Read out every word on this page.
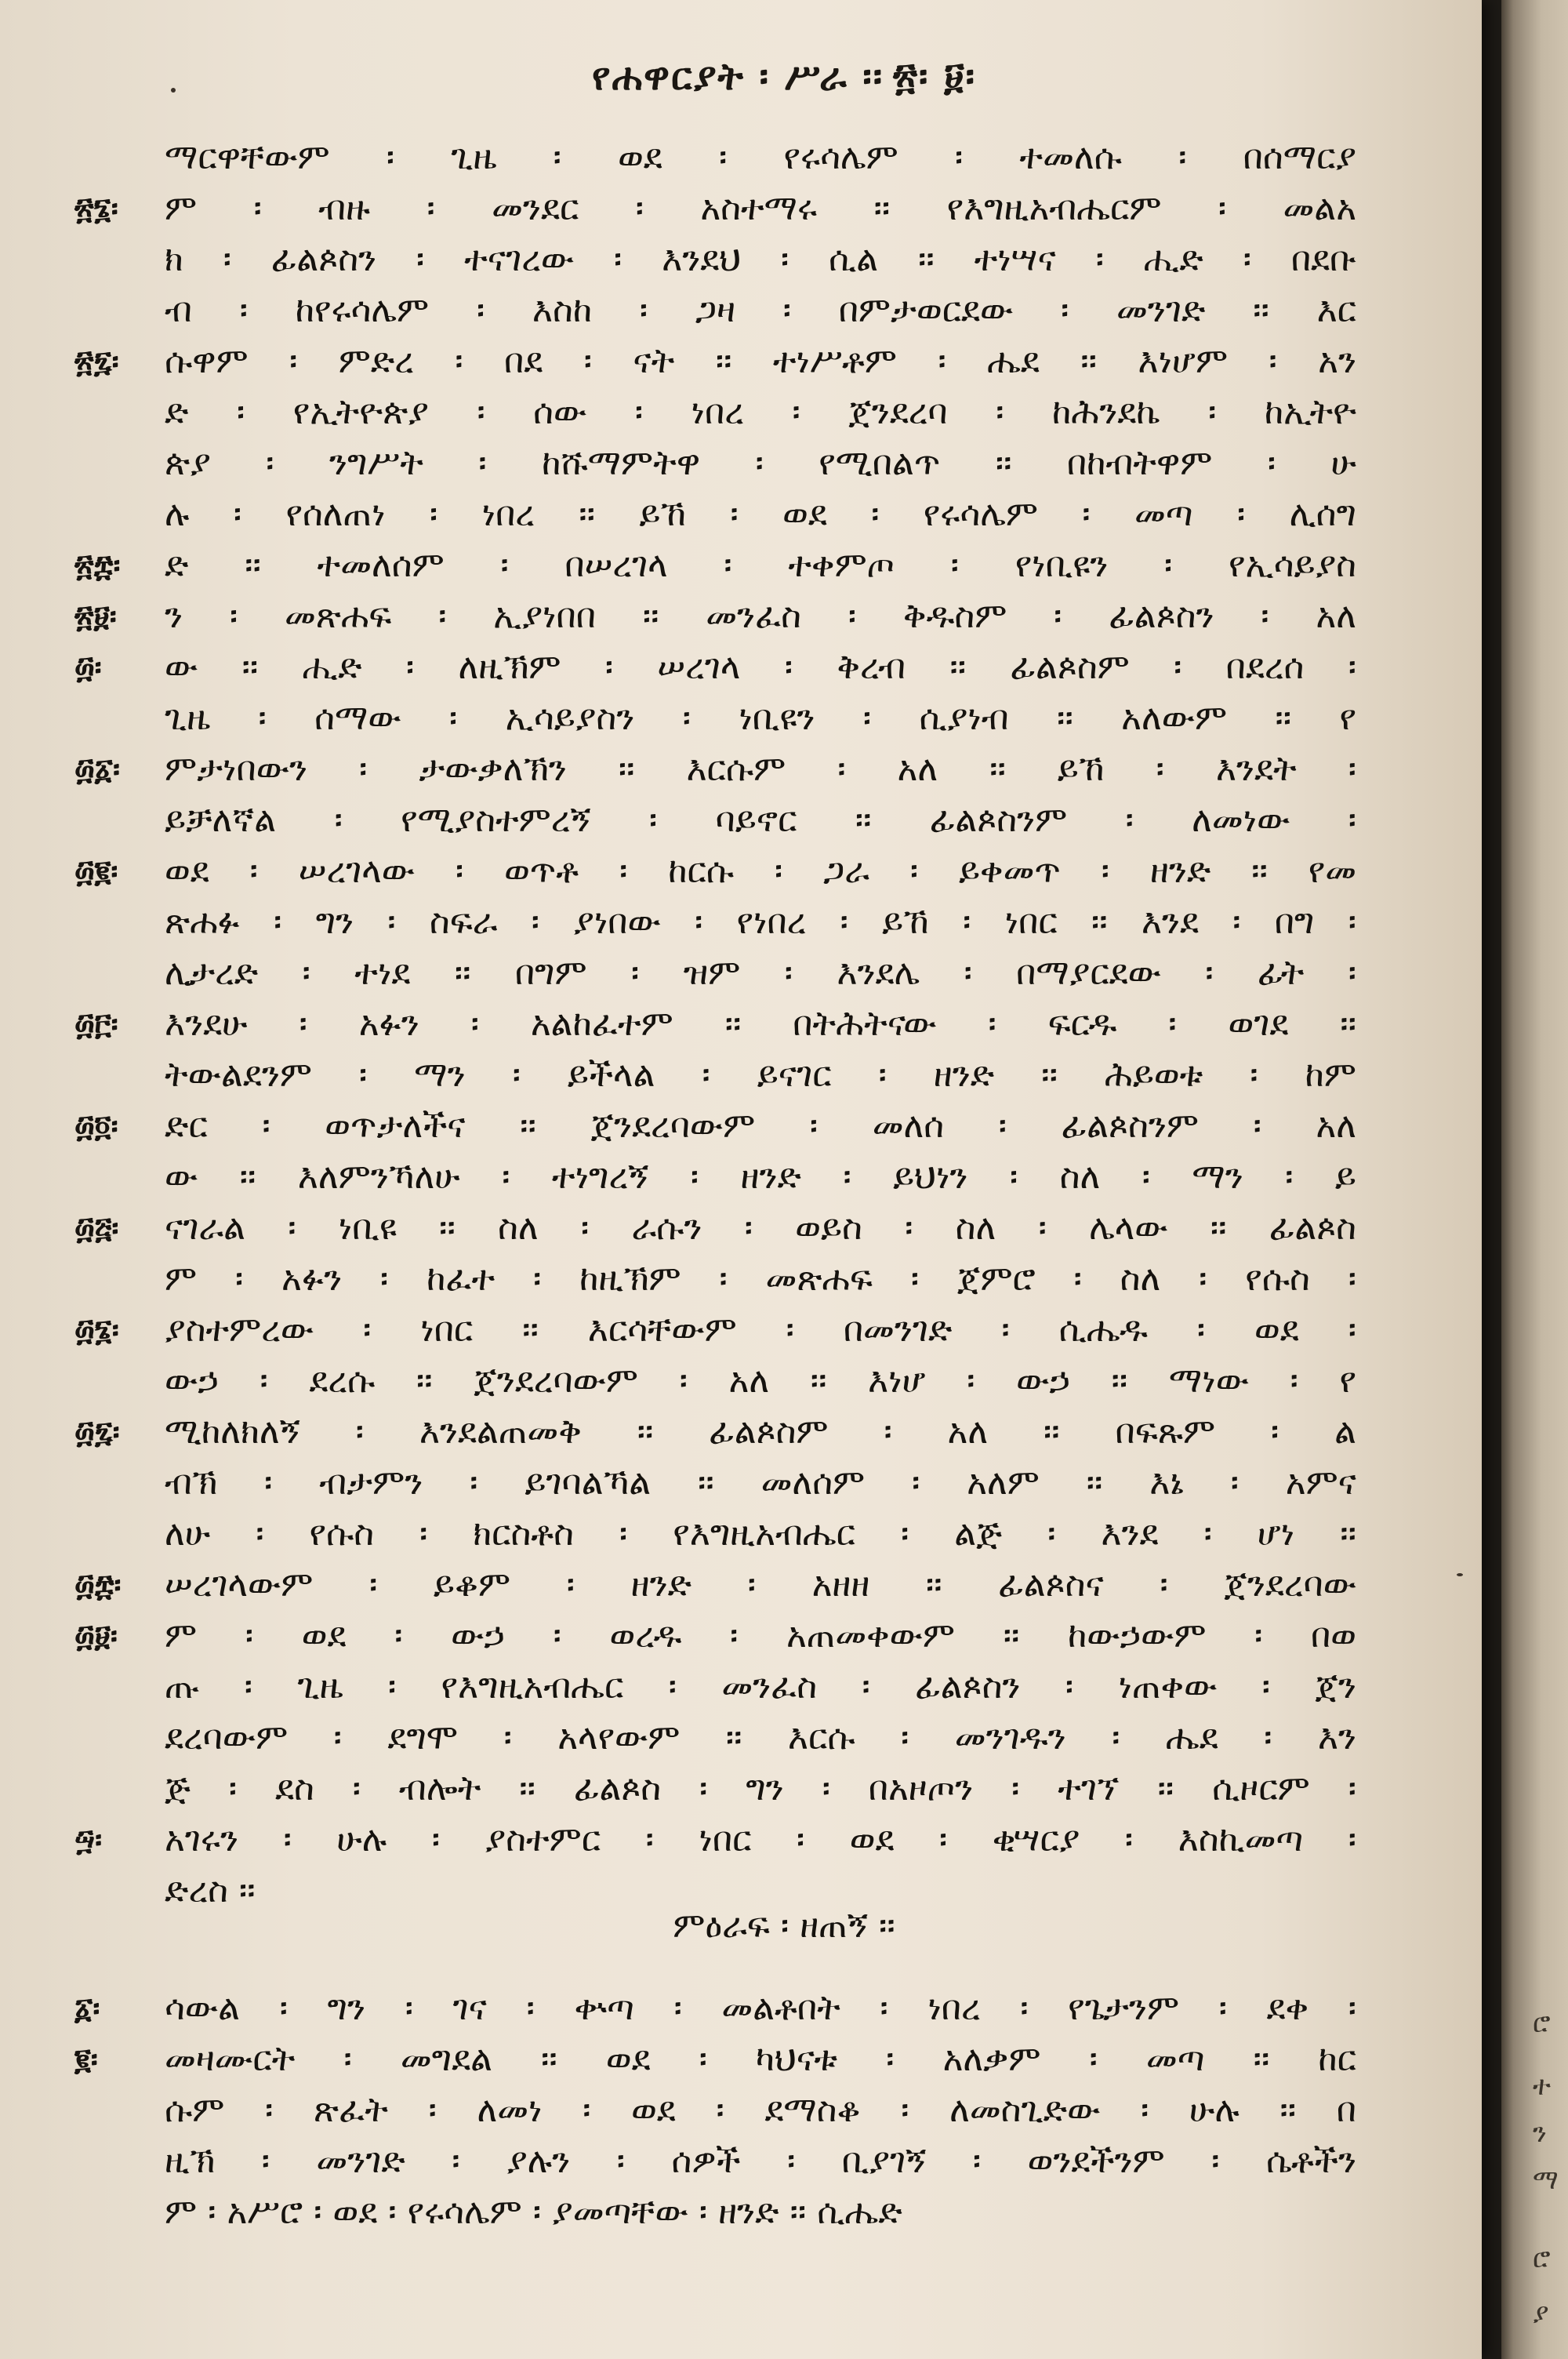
የሐዋርያት ፡ ሥራ ፡፡ ፳፡ ፱፡
ማርዋቸውም ፡ ጊዜ ፡ ወደ ፡ የሩሳሌም ፡ ተመለሱ ፡ በሰማርያ
ም ፡ ብዙ ፡ መንደር ፡ አስተማሩ ፡፡ የእግዚአብሔርም ፡ መልአ
ክ ፡ ፊልጶስን ፡ ተናገረው ፡ እንደህ ፡ ሲል ፡፡ ተነሣና ፡ ሒድ ፡ በደቡ
ብ ፡ ከየሩሳሌም ፡ እስከ ፡ ጋዛ ፡ በምታወርደው ፡ መንገድ ፡፡ እር
ሱዋም ፡ ምድረ ፡ በደ ፡ ናት ፡፡ ተነሥቶም ፡ ሔደ ፡፡ እነሆም ፡ አን
ድ ፡ የኢትዮጵያ ፡ ሰው ፡ ነበረ ፡ ጀንደረባ ፡ ከሕንደኬ ፡ ከኢትዮ
ጵያ ፡ ንግሥት ፡ ከሹማምትዋ ፡ የሚበልጥ ፡፡ በከብትዋም ፡ ሁ
ሉ ፡ የሰለጠነ ፡ ነበረ ፡፡ ይኸ ፡ ወደ ፡ የሩሳሌም ፡ መጣ ፡ ሊሰግ
ድ ፡፡ ተመለሰም ፡ በሠረገላ ፡ ተቀምጦ ፡ የነቢዩን ፡ የኢሳይያስ
ን ፡ መጽሐፍ ፡ ኢያነበበ ፡፡ መንፈስ ፡ ቅዱስም ፡ ፊልጶስን ፡ አለ
ው ፡፡ ሒድ ፡ ለዚኽም ፡ ሠረገላ ፡ ቅረብ ፡፡ ፊልጶስም ፡ በደረሰ ፡
ጊዜ ፡ ሰማው ፡ ኢሳይያስን ፡ ነቢዩን ፡ ሲያነብ ፡፡ አለውም ፡፡ የ
ምታነበውን ፡ ታውቃለኽን ፡፡ እርሱም ፡ አለ ፡፡ ይኸ ፡ እንደት ፡
ይቻለኛል ፡ የሚያስተምረኝ ፡ ባይኖር ፡፡ ፊልጶስንም ፡ ለመነው ፡
ወደ ፡ ሠረገላው ፡ ወጥቶ ፡ ከርሱ ፡ ጋራ ፡ ይቀመጥ ፡ ዘንድ ፡፡ የመ
ጽሐፉ ፡ ግን ፡ ስፍራ ፡ ያነበው ፡ የነበረ ፡ ይኸ ፡ ነበር ፡፡ እንደ ፡ በግ ፡
ሊታረድ ፡ ተነደ ፡፡ በግም ፡ ዝም ፡ እንደሌ ፡ በማያርደው ፡ ፊት ፡
እንደሁ ፡ አፉን ፡ አልከፈተም ፡፡ በትሕትናው ፡ ፍርዱ ፡ ወገደ ፡፡
ትውልደንም ፡ ማን ፡ ይችላል ፡ ይናገር ፡ ዘንድ ፡፡ ሕይወቱ ፡ ከም
ድር ፡ ወጥታለችና ፡፡ ጀንደረባውም ፡ መለሰ ፡ ፊልጶስንም ፡ አለ
ው ፡፡ እለምንኻለሁ ፡ ተነግረኝ ፡ ዘንድ ፡ ይህነን ፡ ስለ ፡ ማን ፡ ይ
ናገራል ፡ ነቢዩ ፡፡ ስለ ፡ ራሱን ፡ ወይስ ፡ ስለ ፡ ሌላው ፡፡ ፊልጶስ
ም ፡ አፉን ፡ ከፈተ ፡ ከዚኽም ፡ መጽሐፍ ፡ ጀምሮ ፡ ስለ ፡ የሱስ ፡
ያስተምረው ፡ ነበር ፡፡ እርሳቸውም ፡ በመንገድ ፡ ሲሔዱ ፡ ወደ ፡
ውኃ ፡ ደረሱ ፡፡ ጀንደረባውም ፡ አለ ፡፡ እነሆ ፡ ውኃ ፡፡ ማነው ፡ የ
ሚከለክለኝ ፡ እንደልጠመቅ ፡፡ ፊልጶስም ፡ አለ ፡፡ በፍጹም ፡ ል
ብኽ ፡ ብታምን ፡ ይገባልኻል ፡፡ መለሰም ፡ አለም ፡፡ እኔ ፡ አምና
ለሁ ፡ የሱስ ፡ ክርስቶስ ፡ የእግዚአብሔር ፡ ልጅ ፡ እንደ ፡ ሆነ ፡፡
ሠረገላውም ፡ ይቆም ፡ ዘንድ ፡ አዘዘ ፡፡ ፊልጶስና ፡ ጀንደረባው
ም ፡ ወደ ፡ ውኃ ፡ ወረዱ ፡ አጠመቀውም ፡፡ ከውኃውም ፡ በወ
ጡ ፡ ጊዜ ፡ የእግዚአብሔር ፡ መንፈስ ፡ ፊልጶስን ፡ ነጠቀው ፡ ጀን
ደረባውም ፡ ደግሞ ፡ አላየውም ፡፡ እርሱ ፡ መንገዱን ፡ ሔደ ፡ እን
ጅ ፡ ደስ ፡ ብሎት ፡፡ ፊልጶስ ፡ ግን ፡ በአዞጦን ፡ ተገኘ ፡፡ ሲዞርም ፡
አገሩን ፡ ሁሉ ፡ ያስተምር ፡ ነበር ፡ ወደ ፡ ቂሣርያ ፡ እስኪመጣ ፡
ድረስ ፡፡
፳፮፡
፳፯፡
፳፰፡
፳፱፡
፴፡
፴፩፡
፴፪፡
፴፫፡
፴፬፡
፴፭፡
፴፮፡
፴፯፡
፴፰፡
፴፱፡
፵፡
ምዕራፍ ፡ ዘጠኝ ፡፡
ሳውል ፡ ግን ፡ ገና ፡ ቍጣ ፡ መልቶበት ፡ ነበረ ፡ የጌታንም ፡ ደቀ ፡
መዛሙርት ፡ መግደል ፡፡ ወደ ፡ ካህናቱ ፡ አለቃም ፡ መጣ ፡፡ ከር
ሱም ፡ ጽፈት ፡ ለመነ ፡ ወደ ፡ ደማስቆ ፡ ለመስጊድው ፡ ሁሉ ፡፡ በ
ዚኽ ፡ መንገድ ፡ ያሉን ፡ ሰዎች ፡ ቢያገኝ ፡ ወንደችንም ፡ ሴቶችን
ም ፡ አሥሮ ፡ ወደ ፡ የሩሳሌም ፡ ያመጣቸው ፡ ዘንድ ፡፡ ሲሔድ
፩፡
፪፡
ሮ
ተ
ን
ማ
ሮ
ያ
